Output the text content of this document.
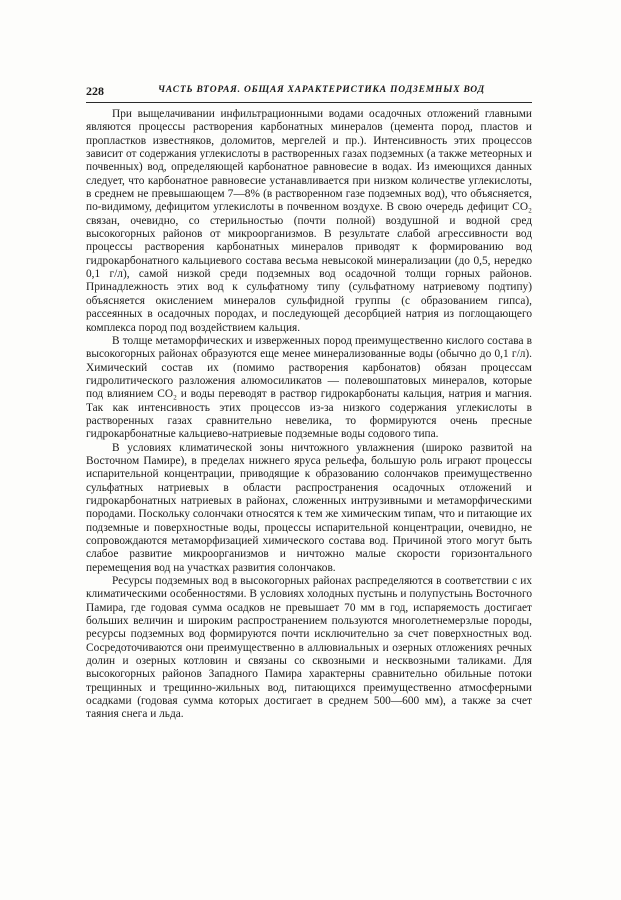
228	ЧАСТЬ ВТОРАЯ. ОБЩАЯ ХАРАКТЕРИСТИКА ПОДЗЕМНЫХ ВОД

При выщелачивании инфильтрационными водами осадочных отложений главными являются процессы растворения карбонатных минералов (цемента пород, пластов и пропластков известняков, доломитов, мергелей и пр.). Интенсивность этих процессов зависит от содержания углекислоты в растворенных газах подземных (а также метеорных и почвенных) вод, определяющей карбонатное равновесие в водах. Из имеющихся данных следует, что карбонатное равновесие устанавливается при низком количестве углекислоты, в среднем не превышающем 7—8% (в растворенном газе подземных вод), что объясняется, по-видимому, дефицитом углекислоты в почвенном воздухе. В свою очередь дефицит CO₂ связан, очевидно, со стерильностью (почти полной) воздушной и водной сред высокогорных районов от микроорганизмов. В результате слабой агрессивности вод процессы растворения карбонатных минералов приводят к формированию вод гидрокарбонатного кальциевого состава весьма невысокой минерализации (до 0,5, нередко 0,1 г/л), самой низкой среди подземных вод осадочной толщи горных районов. Принадлежность этих вод к сульфатному типу (сульфатному натриевому подтипу) объясняется окислением минералов сульфидной группы (с образованием гипса), рассеянных в осадочных породах, и последующей десорбцией натрия из поглощающего комплекса пород под воздействием кальция.

В толще метаморфических и изверженных пород преимущественно кислого состава в высокогорных районах образуются еще менее минерализованные воды (обычно до 0,1 г/л). Химический состав их (помимо растворения карбонатов) обязан процессам гидролитического разложения алюмосиликатов — полевошпатовых минералов, которые под влиянием CO₂ и воды переводят в раствор гидрокарбонаты кальция, натрия и магния. Так как интенсивность этих процессов из-за низкого содержания углекислоты в растворенных газах сравнительно невелика, то формируются очень пресные гидрокарбонатные кальциево-натриевые подземные воды содового типа.

В условиях климатической зоны ничтожного увлажнения (широко развитой на Восточном Памире), в пределах нижнего яруса рельефа, большую роль играют процессы испарительной концентрации, приводящие к образованию солончаков преимущественно сульфатных натриевых в области распространения осадочных отложений и гидрокарбонатных натриевых в районах, сложенных интрузивными и метаморфическими породами. Поскольку солончаки относятся к тем же химическим типам, что и питающие их подземные и поверхностные воды, процессы испарительной концентрации, очевидно, не сопровождаются метаморфизацией химического состава вод. Причиной этого могут быть слабое развитие микроорганизмов и ничтожно малые скорости горизонтального перемещения вод на участках развития солончаков.

Ресурсы подземных вод в высокогорных районах распределяются в соответствии с их климатическими особенностями. В условиях холодных пустынь и полупустынь Восточного Памира, где годовая сумма осадков не превышает 70 мм в год, испаряемость достигает больших величин и широким распространением пользуются многолетнемерзлые породы, ресурсы подземных вод формируются почти исключительно за счет поверхностных вод. Сосредоточиваются они преимущественно в аллювиальных и озерных отложениях речных долин и озерных котловин и связаны со сквозными и несквозными таликами. Для высокогорных районов Западного Памира характерны сравнительно обильные потоки трещинных и трещинно-жильных вод, питающихся преимущественно атмосферными осадками (годовая сумма которых достигает в среднем 500—600 мм), а также за счет таяния снега и льда.
